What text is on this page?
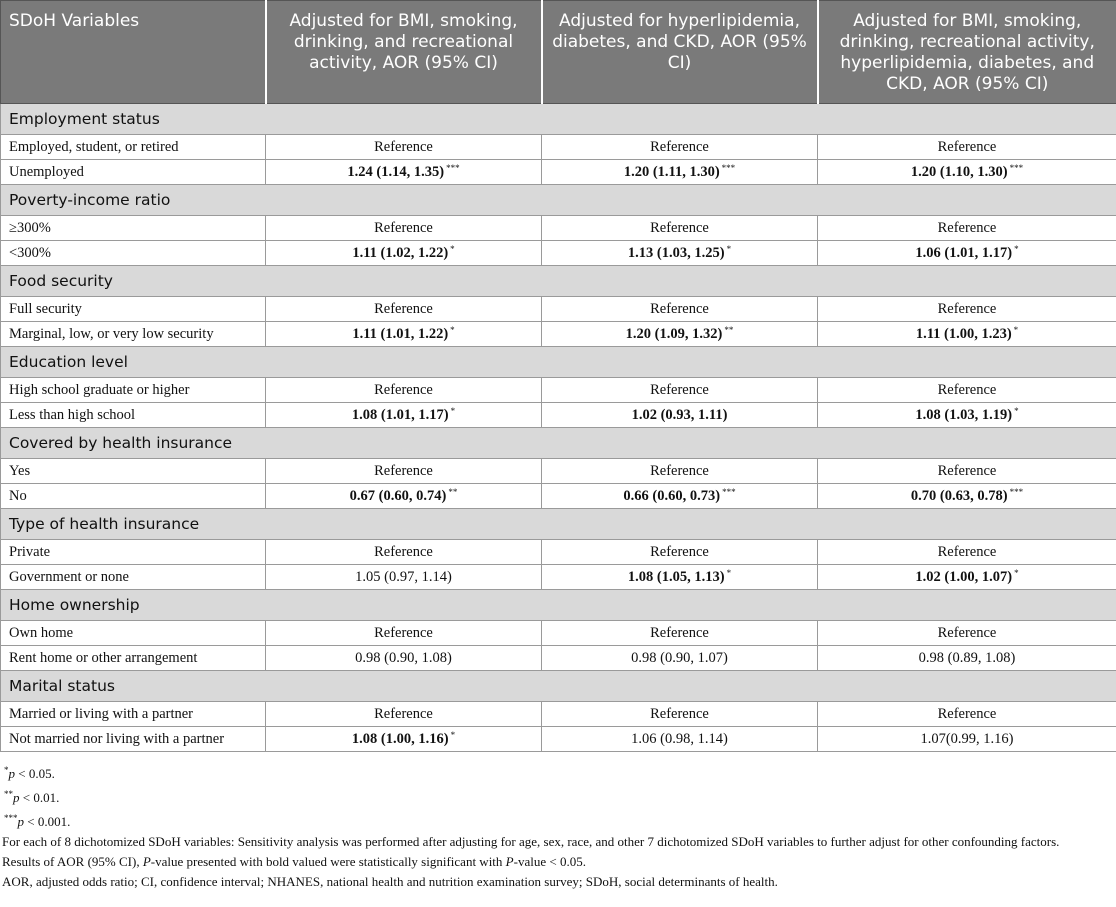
SDoH Variables	Adjusted for BMI, smoking, drinking, and recreational activity, AOR (95% CI)	Adjusted for hyperlipidemia, diabetes, and CKD, AOR (95% CI)	Adjusted for BMI, smoking, drinking, recreational activity, hyperlipidemia, diabetes, and CKD, AOR (95% CI)
Employment status			
Employed, student, or retired	Reference	Reference	Reference
Unemployed	1.24 (1.14, 1.35) ***	1.20 (1.11, 1.30) ***	1.20 (1.10, 1.30) ***
Poverty-income ratio			
≥300%	Reference	Reference	Reference
<300%	1.11 (1.02, 1.22) *	1.13 (1.03, 1.25) *	1.06 (1.01, 1.17) *
Food security			
Full security	Reference	Reference	Reference
Marginal, low, or very low security	1.11 (1.01, 1.22) *	1.20 (1.09, 1.32) **	1.11 (1.00, 1.23) *
Education level			
High school graduate or higher	Reference	Reference	Reference
Less than high school	1.08 (1.01, 1.17) *	1.02 (0.93, 1.11)	1.08 (1.03, 1.19) *
Covered by health insurance			
Yes	Reference	Reference	Reference
No	0.67 (0.60, 0.74) **	0.66 (0.60, 0.73) ***	0.70 (0.63, 0.78) ***
Type of health insurance			
Private	Reference	Reference	Reference
Government or none	1.05 (0.97, 1.14)	1.08 (1.05, 1.13) *	1.02 (1.00, 1.07) *
Home ownership			
Own home	Reference	Reference	Reference
Rent home or other arrangement	0.98 (0.90, 1.08)	0.98 (0.90, 1.07)	0.98 (0.89, 1.08)
Marital status			
Married or living with a partner	Reference	Reference	Reference
Not married nor living with a partner	1.08 (1.00, 1.16) *	1.06 (0.98, 1.14)	1.07(0.99, 1.16)

*p < 0.05.

**p < 0.01.

***p < 0.001.

For each of 8 dichotomized SDoH variables: Sensitivity analysis was performed after adjusting for age, sex, race, and other 7 dichotomized SDoH variables to further adjust for other confounding factors.

Results of AOR (95% CI), P-value presented with bold valued were statistically significant with P-value < 0.05.

AOR, adjusted odds ratio; CI, confidence interval; NHANES, national health and nutrition examination survey; SDoH, social determinants of health.
